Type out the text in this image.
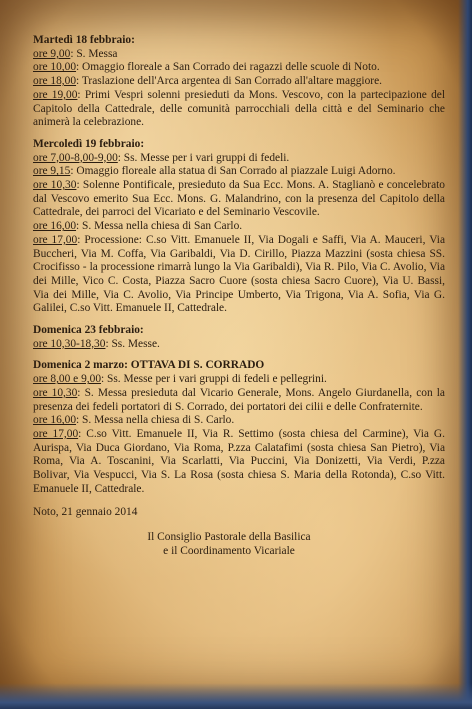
Martedì 18 febbraio:
ore 9,00: S. Messa
ore 10,00: Omaggio floreale a San Corrado dei ragazzi delle scuole di Noto.
ore 18,00: Traslazione dell'Arca argentea di San Corrado all'altare maggiore.
ore 19,00: Primi Vespri solenni presieduti da Mons. Vescovo, con la partecipazione del Capitolo della Cattedrale, delle comunità parrocchiali della città e del Seminario che animerà la celebrazione.
Mercoledì 19 febbraio:
ore 7,00-8,00-9,00: Ss. Messe per i vari gruppi di fedeli.
ore 9,15: Omaggio floreale alla statua di San Corrado al piazzale Luigi Adorno.
ore 10,30: Solenne Pontificale, presieduto da Sua Ecc. Mons. A. Staglianò e concelebrato dal Vescovo emerito Sua Ecc. Mons. G. Malandrino, con la presenza del Capitolo della Cattedrale, dei parroci del Vicariato e del Seminario Vescovile.
ore 16,00: S. Messa nella chiesa di San Carlo.
ore 17,00: Processione: C.so Vitt. Emanuele II, Via Dogali e Saffi, Via A. Mauceri, Via Buccheri, Via M. Coffa, Via Garibaldi, Via D. Cirillo, Piazza Mazzini (sosta chiesa SS. Crocifisso - la processione rimarrà lungo la Via Garibaldi), Via R. Pilo, Via C. Avolio, Via dei Mille, Vico C. Costa, Piazza Sacro Cuore (sosta chiesa Sacro Cuore), Via U. Bassi, Via dei Mille, Via C. Avolio, Via Principe Umberto, Via Trigona, Via A. Sofia, Via G. Galilei, C.so Vitt. Emanuele II, Cattedrale.
Domenica 23 febbraio:
ore 10,30-18,30: Ss. Messe.
Domenica 2 marzo: OTTAVA DI S. CORRADO
ore 8,00 e 9,00: Ss. Messe per i vari gruppi di fedeli e pellegrini.
ore 10,30: S. Messa presieduta dal Vicario Generale, Mons. Angelo Giurdanella, con la presenza dei fedeli portatori di S. Corrado, dei portatori dei cilii e delle Confraternite.
ore 16,00: S. Messa nella chiesa di S. Carlo.
ore 17,00: C.so Vitt. Emanuele II, Via R. Settimo (sosta chiesa del Carmine), Via G. Aurispa, Via Duca Giordano, Via Roma, P.zza Calatafimi (sosta chiesa San Pietro), Via Roma, Via A. Toscanini, Via Scarlatti, Via Puccini, Via Donizetti, Via Verdi, P.zza Bolivar, Via Vespucci, Via S. La Rosa (sosta chiesa S. Maria della Rotonda), C.so Vitt. Emanuele II, Cattedrale.
Noto, 21 gennaio 2014
Il Consiglio Pastorale della Basilica
e il Coordinamento Vicariale
